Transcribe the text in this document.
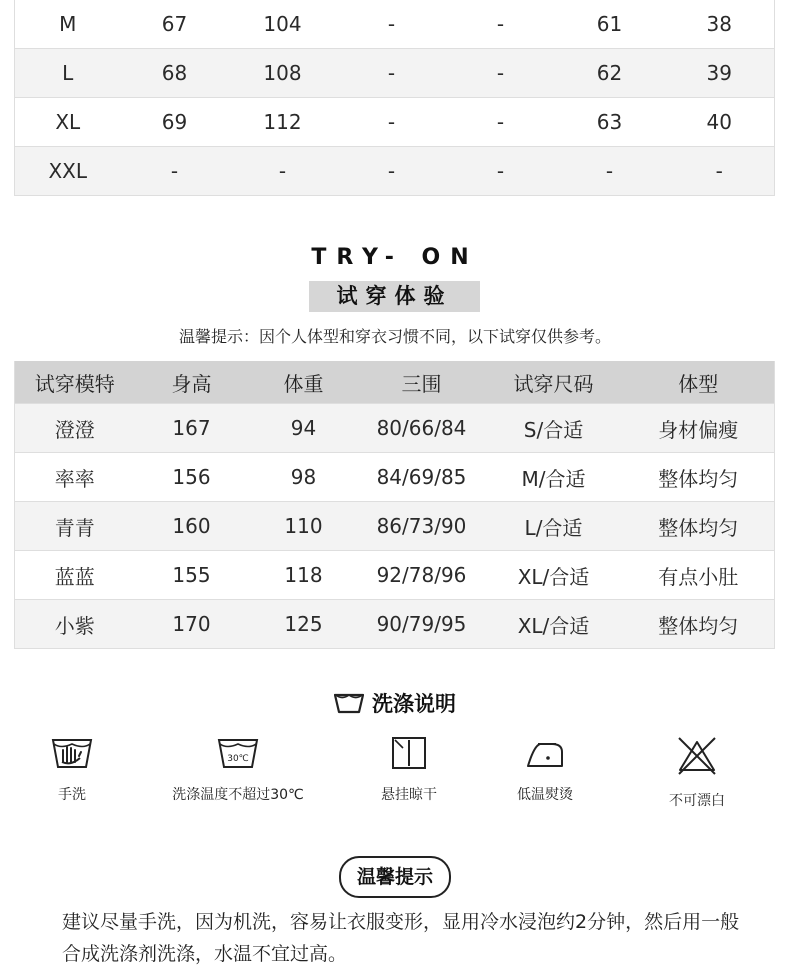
M	67	104	-	-	61	38
L	68	108	-	-	62	39
XL	69	112	-	-	63	40
XXL	-	-	-	-	-	-
TRY- ON
试穿体验
温馨提示：因个人体型和穿衣习惯不同，以下试穿仅供参考。
试穿模特	身高	体重	三围	试穿尺码	体型
澄澄	167	94	80/66/84	S/合适	身材偏瘦
率率	156	98	84/69/85	M/合适	整体均匀
青青	160	110	86/73/90	L/合适	整体均匀
蓝蓝	155	118	92/78/96	XL/合适	有点小肚
小紫	170	125	90/79/95	XL/合适	整体均匀
洗涤说明
手洗
30℃
洗涤温度不超过30℃	悬挂晾干	低温熨烫	不可漂白
温馨提示
建议尽量手洗，因为机洗，容易让衣服变形，显用冷水浸泡约2分钟，然后用一般合成洗涤剂洗涤，水温不宜过高。
